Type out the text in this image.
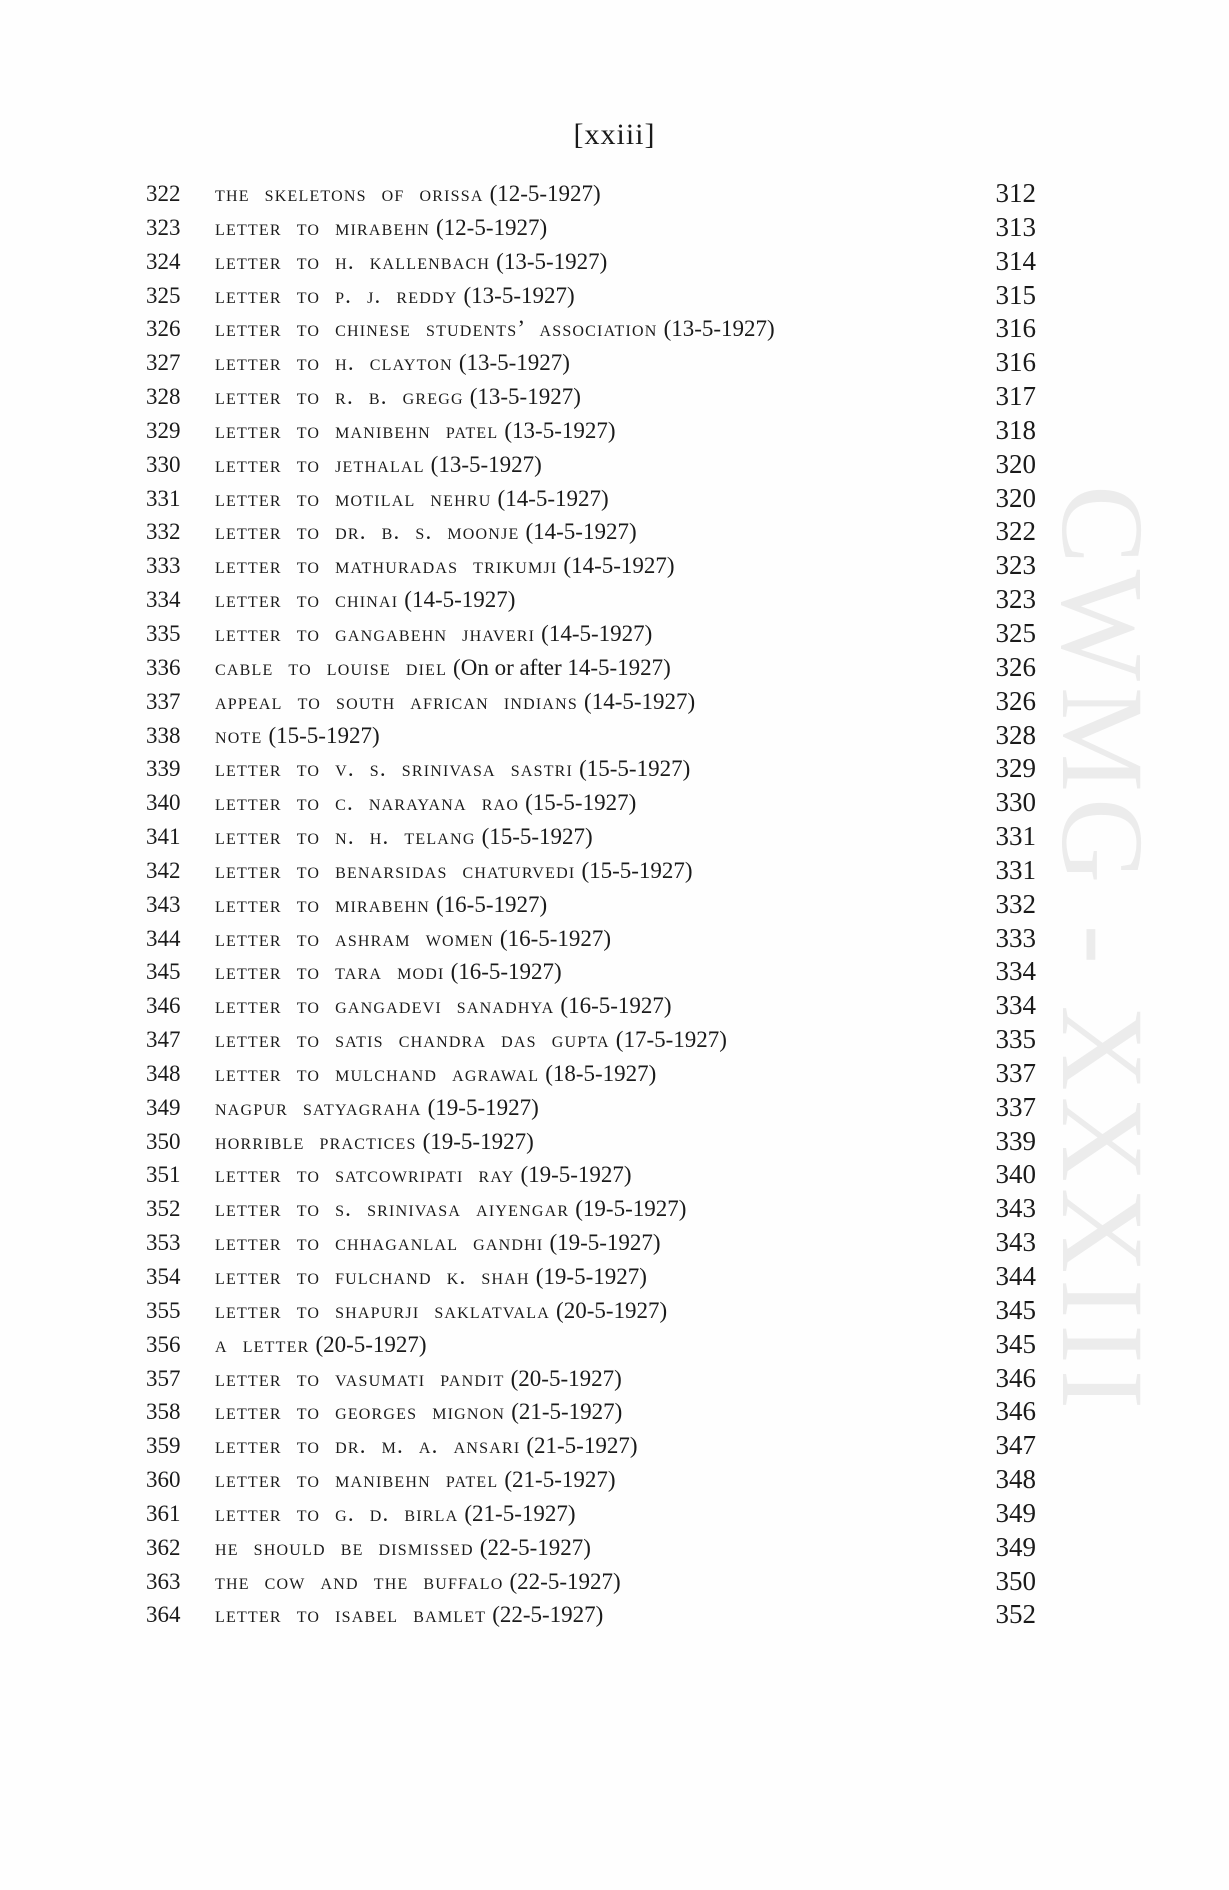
[xxiii]
CWMG - XXXIII
322 the skeletons of orissa (12-5-1927)	312
323 letter to mirabehn (12-5-1927)	313
324 letter to h. kallenbach (13-5-1927)	314
325 letter to p. j. reddy (13-5-1927)	315
326 letter to chinese students’ association (13-5-1927)	316
327 letter to h. clayton (13-5-1927)	316
328 letter to r. b. gregg (13-5-1927)	317
329 letter to manibehn patel (13-5-1927)	318
330 letter to jethalal (13-5-1927)	320
331 letter to motilal nehru (14-5-1927)	320
332 letter to dr. b. s. moonje (14-5-1927)	322
333 letter to mathuradas trikumji (14-5-1927)	323
334 letter to chinai (14-5-1927)	323
335 letter to gangabehn jhaveri (14-5-1927)	325
336 cable to louise diel (On or after 14-5-1927)	326
337 appeal to south african indians (14-5-1927)	326
338 note (15-5-1927)	328
339 letter to v. s. srinivasa sastri (15-5-1927)	329
340 letter to c. narayana rao (15-5-1927)	330
341 letter to n. h. telang (15-5-1927)	331
342 letter to benarsidas chaturvedi (15-5-1927)	331
343 letter to mirabehn (16-5-1927)	332
344 letter to ashram women (16-5-1927)	333
345 letter to tara modi (16-5-1927)	334
346 letter to gangadevi sanadhya (16-5-1927)	334
347 letter to satis chandra das gupta (17-5-1927)	335
348 letter to mulchand agrawal (18-5-1927)	337
349 nagpur satyagraha (19-5-1927)	337
350 horrible practices (19-5-1927)	339
351 letter to satcowripati ray (19-5-1927)	340
352 letter to s. srinivasa aiyengar (19-5-1927)	343
353 letter to chhaganlal gandhi (19-5-1927)	343
354 letter to fulchand k. shah (19-5-1927)	344
355 letter to shapurji saklatvala (20-5-1927)	345
356 a letter (20-5-1927)	345
357 letter to vasumati pandit (20-5-1927)	346
358 letter to georges mignon (21-5-1927)	346
359 letter to dr. m. a. ansari (21-5-1927)	347
360 letter to manibehn patel (21-5-1927)	348
361 letter to g. d. birla (21-5-1927)	349
362 he should be dismissed (22-5-1927)	349
363 the cow and the buffalo (22-5-1927)	350
364 letter to isabel bamlet (22-5-1927)	352
